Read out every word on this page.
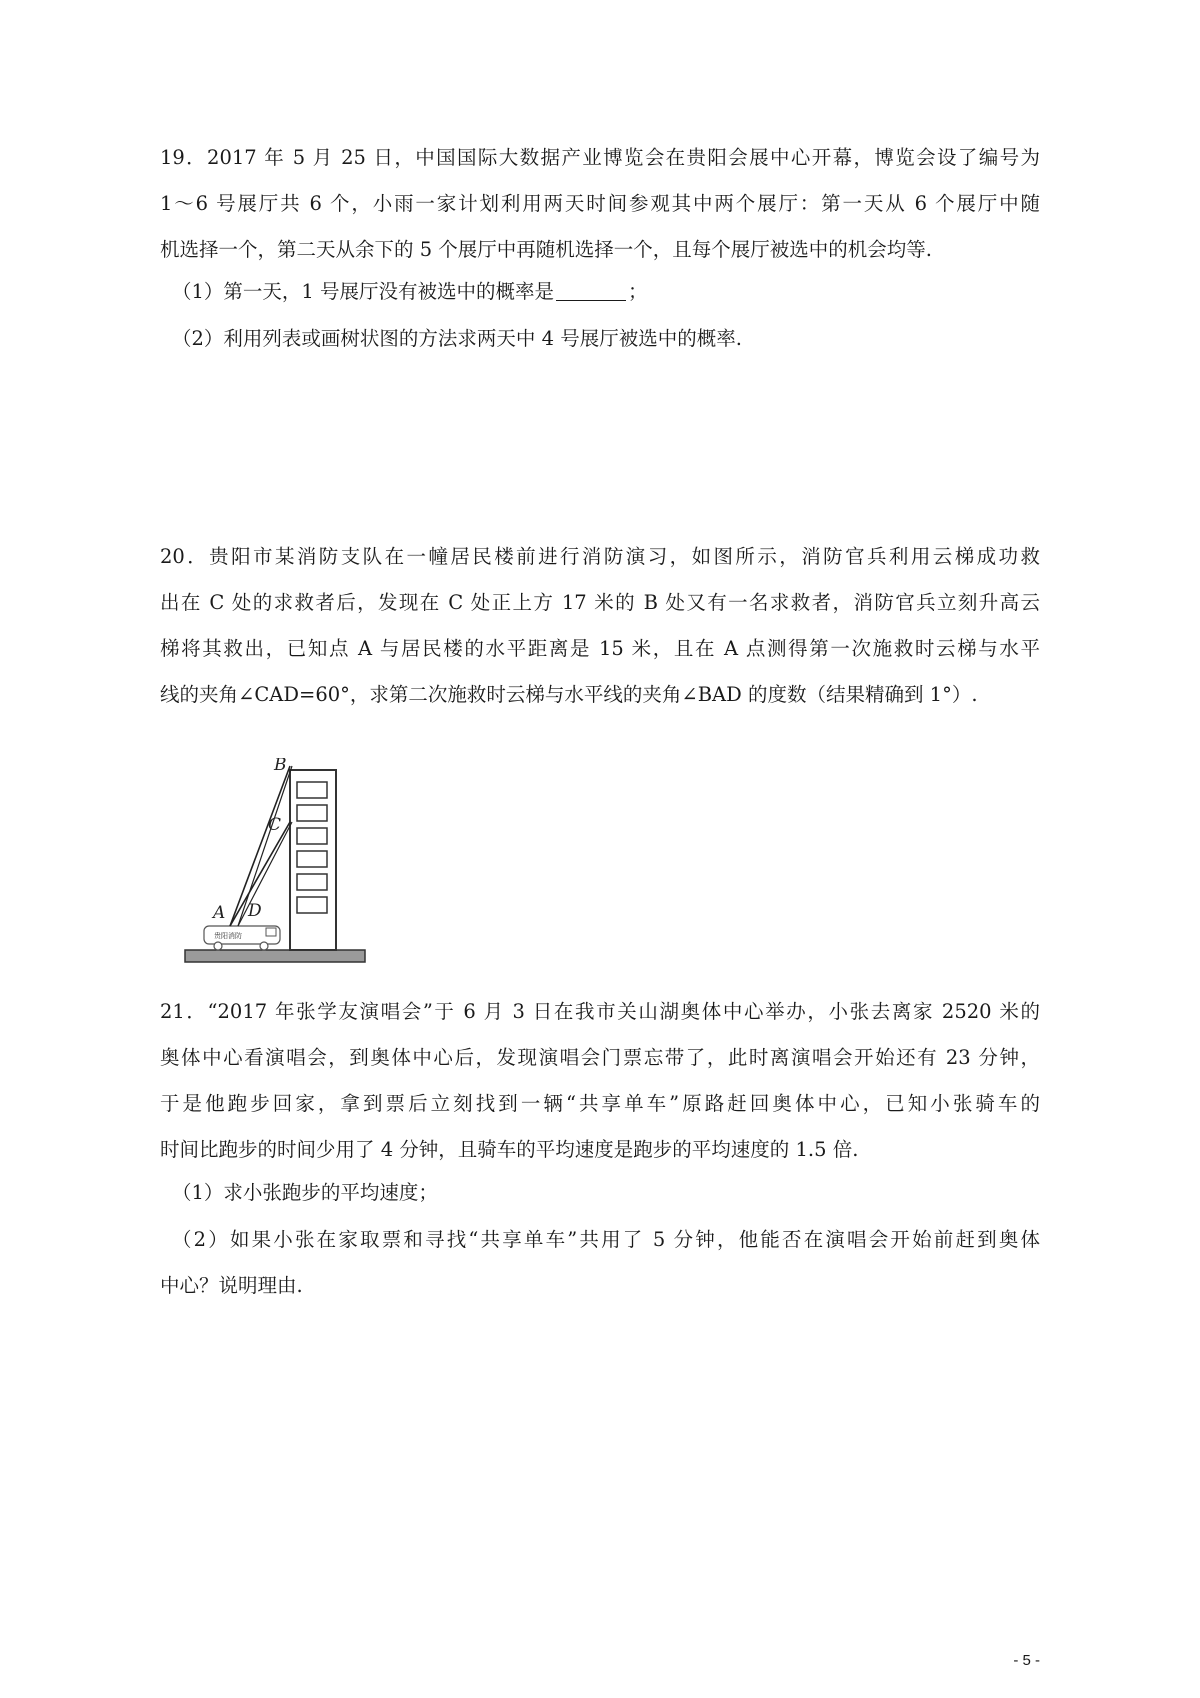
19．2017 年 5 月 25 日，中国国际大数据产业博览会在贵阳会展中心开幕，博览会设了编号为
1～6 号展厅共 6 个，小雨一家计划利用两天时间参观其中两个展厅：第一天从 6 个展厅中随
机选择一个，第二天从余下的 5 个展厅中再随机选择一个，且每个展厅被选中的机会均等.
（1）第一天，1 号展厅没有被选中的概率是	；
（2）利用列表或画树状图的方法求两天中 4 号展厅被选中的概率.
20．贵阳市某消防支队在一幢居民楼前进行消防演习，如图所示，消防官兵利用云梯成功救
出在 C 处的求救者后，发现在 C 处正上方 17 米的 B 处又有一名求救者，消防官兵立刻升高云
梯将其救出，已知点 A 与居民楼的水平距离是 15 米，且在 A 点测得第一次施救时云梯与水平
线的夹角∠CAD=60°，求第二次施救时云梯与水平线的夹角∠BAD 的度数（结果精确到 1°）.
贵阳消防
B
C
A D
21．“2017 年张学友演唱会”于 6 月 3 日在我市关山湖奥体中心举办，小张去离家 2520 米的
奥体中心看演唱会，到奥体中心后，发现演唱会门票忘带了，此时离演唱会开始还有 23 分钟，
于是他跑步回家，拿到票后立刻找到一辆“共享单车”原路赶回奥体中心，已知小张骑车的
时间比跑步的时间少用了 4 分钟，且骑车的平均速度是跑步的平均速度的 1.5 倍.
（1）求小张跑步的平均速度；
（2）如果小张在家取票和寻找“共享单车”共用了 5 分钟，他能否在演唱会开始前赶到奥体
中心？说明理由.
- 5 -
